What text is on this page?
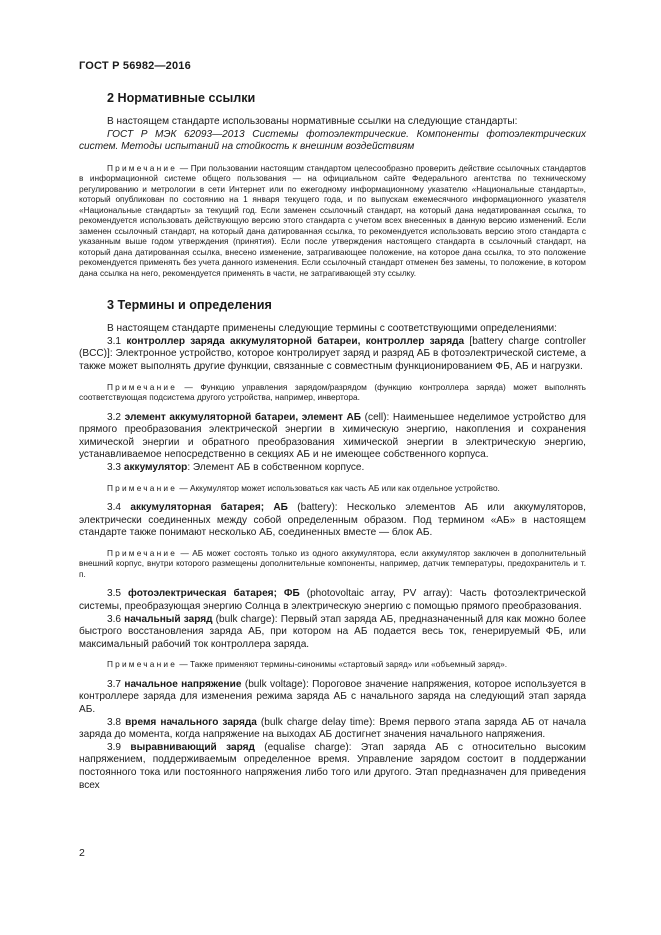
ГОСТ Р 56982—2016
2 Нормативные ссылки

В настоящем стандарте использованы нормативные ссылки на следующие стандарты:

ГОСТ Р МЭК 62093—2013 Системы фотоэлектрические. Компоненты фотоэлектрических систем. Методы испытаний на стойкость к внешним воздействиям

Примечание — При пользовании настоящим стандартом целесообразно проверить действие ссылочных стандартов в информационной системе общего пользования — на официальном сайте Федерального агентства по техническому регулированию и метрологии в сети Интернет или по ежегодному информационному указателю «Национальные стандарты», который опубликован по состоянию на 1 января текущего года, и по выпускам ежемесячного информационного указателя «Национальные стандарты» за текущий год. Если заменен ссылочный стандарт, на который дана недатированная ссылка, то рекомендуется использовать действующую версию этого стандарта с учетом всех внесенных в данную версию изменений. Если заменен ссылочный стандарт, на который дана датированная ссылка, то рекомендуется использовать версию этого стандарта с указанным выше годом утверждения (принятия). Если после утверждения настоящего стандарта в ссылочный стандарт, на который дана датированная ссылка, внесено изменение, затрагивающее положение, на которое дана ссылка, то это положение рекомендуется применять без учета данного изменения. Если ссылочный стандарт отменен без замены, то положение, в котором дана ссылка на него, рекомендуется применять в части, не затрагивающей эту ссылку.

3 Термины и определения

В настоящем стандарте применены следующие термины с соответствующими определениями:

3.1 контроллер заряда аккумуляторной батареи, контроллер заряда [battery charge controller (BCC)]: Электронное устройство, которое контролирует заряд и разряд АБ в фотоэлектрической системе, а также может выполнять другие функции, связанные с совместным функционированием ФБ, АБ и нагрузки.

Примечание — Функцию управления зарядом/разрядом (функцию контроллера заряда) может выполнять соответствующая подсистема другого устройства, например, инвертора.

3.2 элемент аккумуляторной батареи, элемент АБ (cell): Наименьшее неделимое устройство для прямого преобразования электрической энергии в химическую энергию, накопления и сохранения химической энергии и обратного преобразования химической энергии в электрическую энергию, устанавливаемое непосредственно в секциях АБ и не имеющее собственного корпуса.

3.3 аккумулятор: Элемент АБ в собственном корпусе.

Примечание — Аккумулятор может использоваться как часть АБ или как отдельное устройство.

3.4 аккумуляторная батарея; АБ (battery): Несколько элементов АБ или аккумуляторов, электрически соединенных между собой определенным образом. Под термином «АБ» в настоящем стандарте также понимают несколько АБ, соединенных вместе — блок АБ.

Примечание — АБ может состоять только из одного аккумулятора, если аккумулятор заключен в дополнительный внешний корпус, внутри которого размещены дополнительные компоненты, например, датчик температуры, предохранитель и т. п.

3.5 фотоэлектрическая батарея; ФБ (photovoltaic array, PV array): Часть фотоэлектрической системы, преобразующая энергию Солнца в электрическую энергию с помощью прямого преобразования.

3.6 начальный заряд (bulk charge): Первый этап заряда АБ, предназначенный для как можно более быстрого восстановления заряда АБ, при котором на АБ подается весь ток, генерируемый ФБ, или максимальный рабочий ток контроллера заряда.

Примечание — Также применяют термины-синонимы «стартовый заряд» или «объемный заряд».

3.7 начальное напряжение (bulk voltage): Пороговое значение напряжения, которое используется в контроллере заряда для изменения режима заряда АБ с начального заряда на следующий этап заряда АБ.

3.8 время начального заряда (bulk charge delay time): Время первого этапа заряда АБ от начала заряда до момента, когда напряжение на выходах АБ достигнет значения начального напряжения.

3.9 выравнивающий заряд (equalise charge): Этап заряда АБ с относительно высоким напряжением, поддерживаемым определенное время. Управление зарядом состоит в поддержании постоянного тока или постоянного напряжения либо того или другого. Этап предназначен для приведения всех

2
